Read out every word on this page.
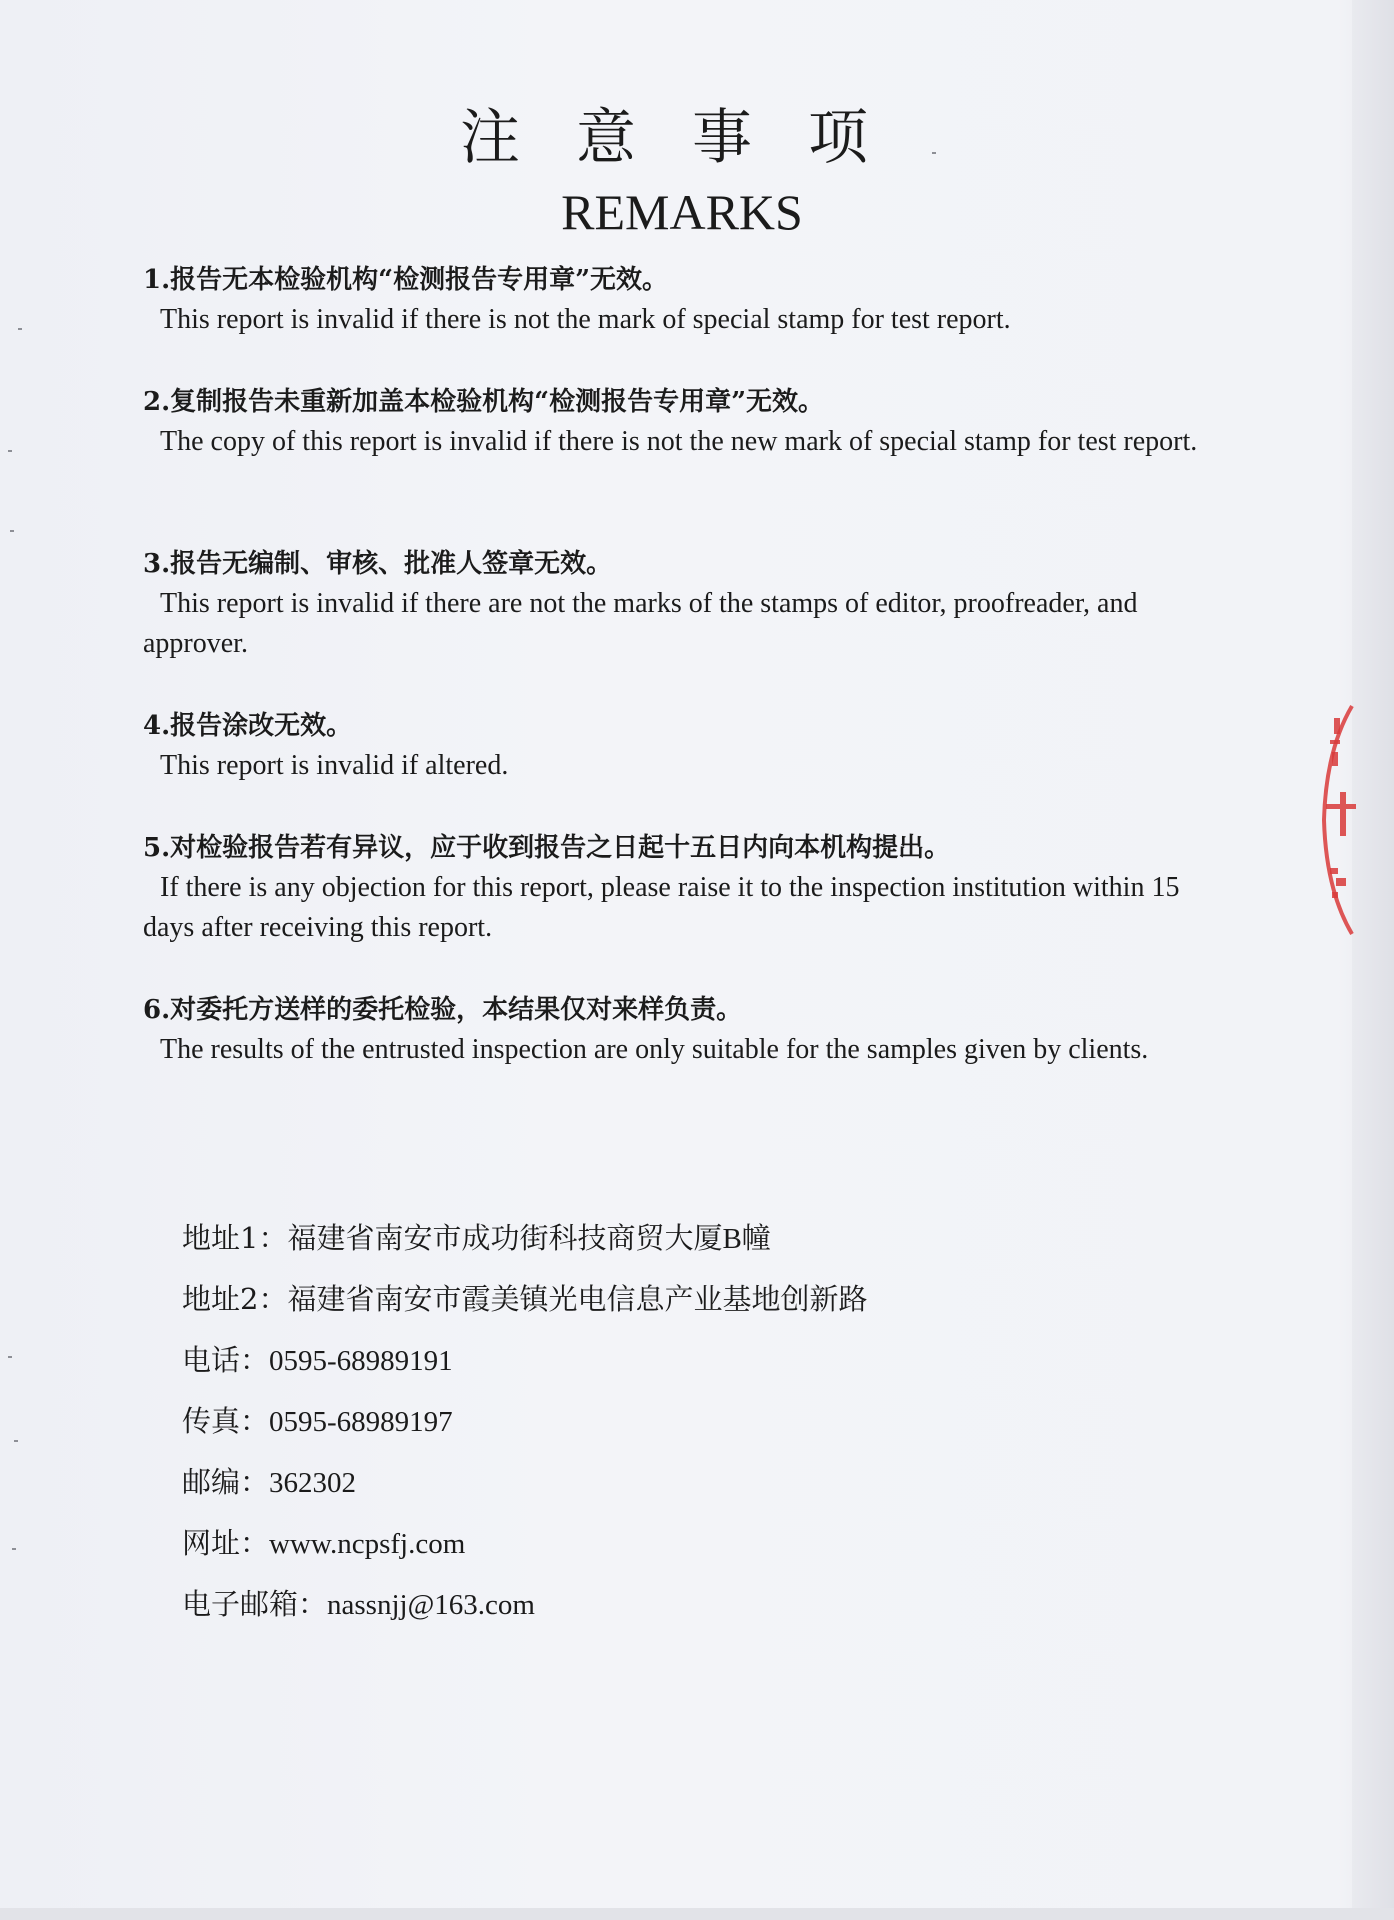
注意事项
REMARKS

1.报告无本检验机构“检测报告专用章”无效。

This report is invalid if there is not the mark of special stamp for test report.

2.复制报告未重新加盖本检验机构“检测报告专用章”无效。

The copy of this report is invalid if there is not the new mark of special stamp for test report.

3.报告无编制、审核、批准人签章无效。

This report is invalid if there are not the marks of the stamps of editor, proofreader, and approver.

4.报告涂改无效。

This report is invalid if altered.

5.对检验报告若有异议，应于收到报告之日起十五日内向本机构提出。

If there is any objection for this report, please raise it to the inspection institution within 15 days after receiving this report.

6.对委托方送样的委托检验，本结果仅对来样负责。

The results of the entrusted inspection are only suitable for the samples given by clients.

地址1：福建省南安市成功街科技商贸大厦B幢
地址2：福建省南安市霞美镇光电信息产业基地创新路
电话：0595-68989191
传真：0595-68989197
邮编：362302
网址：www.ncpsfj.com
电子邮箱：nassnjj@163.com
